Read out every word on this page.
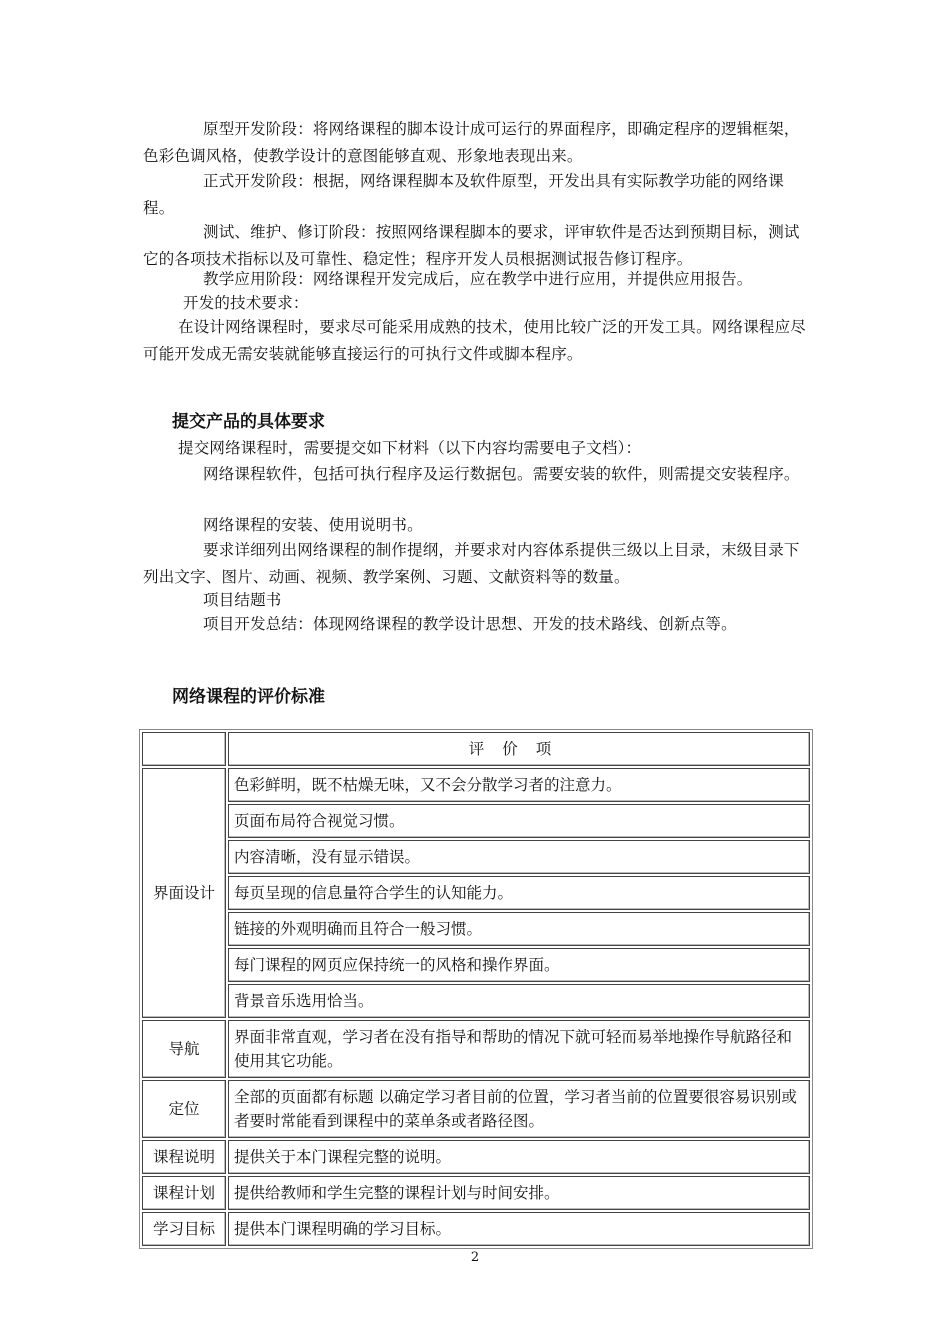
原型开发阶段：将网络课程的脚本设计成可运行的界面程序，即确定程序的逻辑框架，色彩色调风格，使教学设计的意图能够直观、形象地表现出来。

正式开发阶段：根据，网络课程脚本及软件原型，开发出具有实际教学功能的网络课程。

测试、维护、修订阶段：按照网络课程脚本的要求，评审软件是否达到预期目标，测试它的各项技术指标以及可靠性、稳定性；程序开发人员根据测试报告修订程序。

教学应用阶段：网络课程开发完成后，应在教学中进行应用，并提供应用报告。

开发的技术要求：

在设计网络课程时，要求尽可能采用成熟的技术，使用比较广泛的开发工具。网络课程应尽可能开发成无需安装就能够直接运行的可执行文件或脚本程序。

提交产品的具体要求

提交网络课程时，需要提交如下材料（以下内容均需要电子文档）：

网络课程软件，包括可执行程序及运行数据包。需要安装的软件，则需提交安装程序。

网络课程的安装、使用说明书。

要求详细列出网络课程的制作提纲，并要求对内容体系提供三级以上目录，末级目录下列出文字、图片、动画、视频、教学案例、习题、文献资料等的数量。

项目结题书

项目开发总结：体现网络课程的教学设计思想、开发的技术路线、创新点等。

网络课程的评价标准
	评价项
界面设计	色彩鲜明，既不枯燥无味，又不会分散学习者的注意力。
	页面布局符合视觉习惯。
	内容清晰，没有显示错误。
	每页呈现的信息量符合学生的认知能力。
	链接的外观明确而且符合一般习惯。
	每门课程的网页应保持统一的风格和操作界面。
	背景音乐选用恰当。
导航	界面非常直观，学习者在没有指导和帮助的情况下就可轻而易举地操作导航路径和使用其它功能。
定位	全部的页面都有标题 以确定学习者目前的位置，学习者当前的位置要很容易识别或者要时常能看到课程中的菜单条或者路径图。
课程说明	提供关于本门课程完整的说明。
课程计划	提供给教师和学生完整的课程计划与时间安排。
学习目标	提供本门课程明确的学习目标。
2
